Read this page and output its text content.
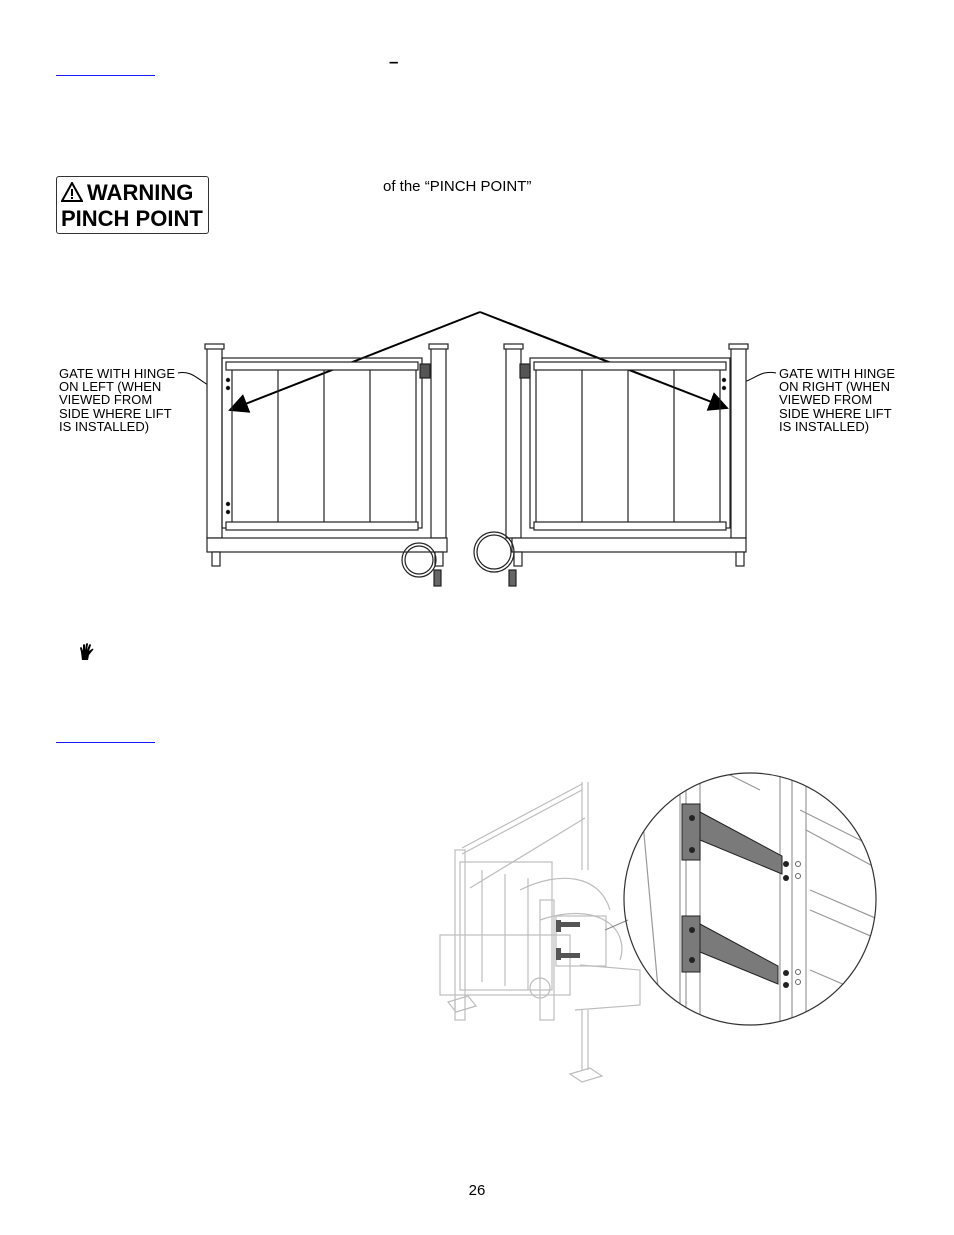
–
WARNING
PINCH POINT
of the “PINCH POINT”
GATE WITH HINGE
ON LEFT (WHEN
VIEWED FROM
SIDE WHERE LIFT
IS INSTALLED)
GATE WITH HINGE
ON RIGHT (WHEN
VIEWED FROM
SIDE WHERE LIFT
IS INSTALLED)
26
